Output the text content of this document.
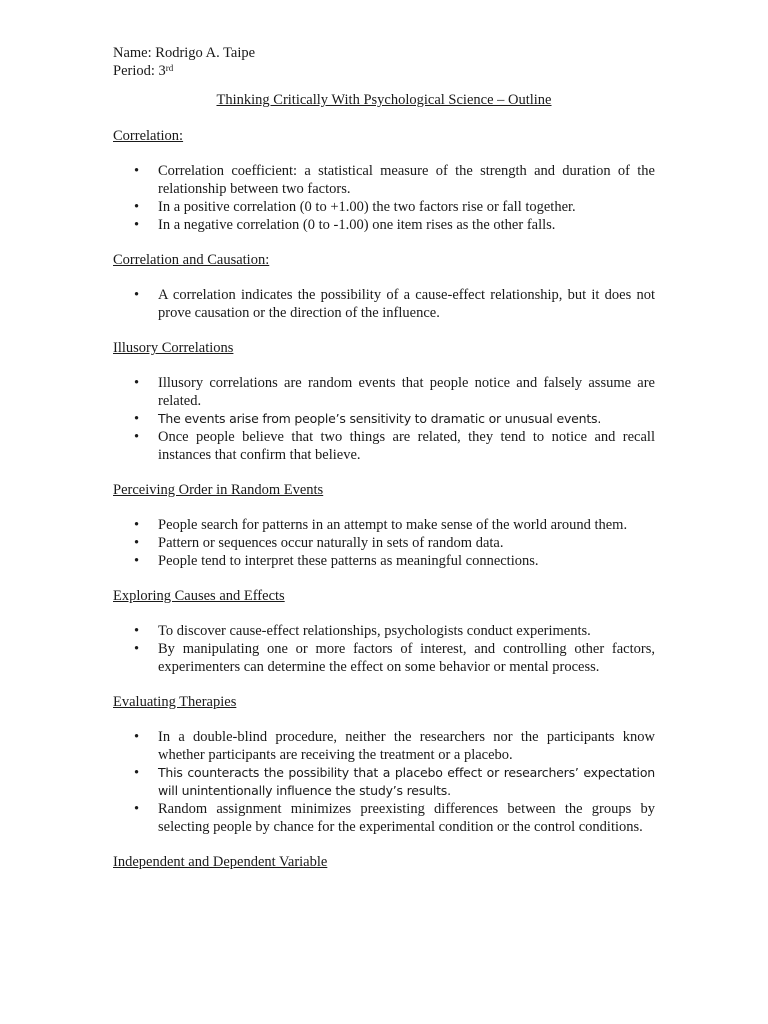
Name: Rodrigo A. Taipe

Period: 3rd

Thinking Critically With Psychological Science – Outline

Correlation:

• Correlation coefficient: a statistical measure of the strength and duration of the relationship between two factors.
• In a positive correlation (0 to +1.00) the two factors rise or fall together.
• In a negative correlation (0 to -1.00) one item rises as the other falls.

Correlation and Causation:

• A correlation indicates the possibility of a cause-effect relationship, but it does not prove causation or the direction of the influence.

Illusory Correlations

• Illusory correlations are random events that people notice and falsely assume are related.
• The events arise from people’s sensitivity to dramatic or unusual events.
• Once people believe that two things are related, they tend to notice and recall instances that confirm that believe.

Perceiving Order in Random Events

• People search for patterns in an attempt to make sense of the world around them.
• Pattern or sequences occur naturally in sets of random data.
• People tend to interpret these patterns as meaningful connections.

Exploring Causes and Effects

• To discover cause-effect relationships, psychologists conduct experiments.
• By manipulating one or more factors of interest, and controlling other factors, experimenters can determine the effect on some behavior or mental process.

Evaluating Therapies

• In a double-blind procedure, neither the researchers nor the participants know whether participants are receiving the treatment or a placebo.
• This counteracts the possibility that a placebo effect or researchers’ expectation will unintentionally influence the study’s results.
• Random assignment minimizes preexisting differences between the groups by selecting people by chance for the experimental condition or the control conditions.

Independent and Dependent Variable
